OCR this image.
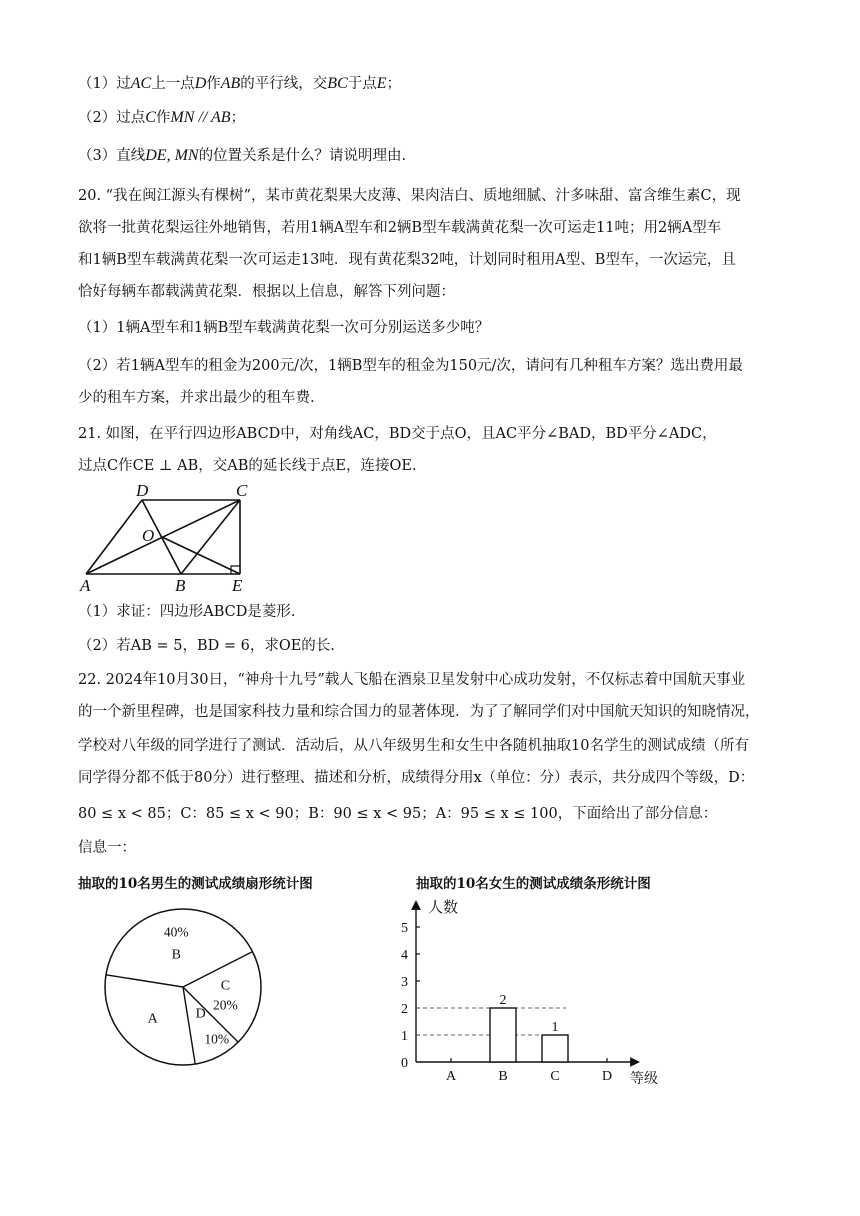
（1）过AC上一点D作AB的平行线，交BC于点E；
（2）过点C作MN // AB；
（3）直线DE, MN的位置关系是什么？请说明理由.
20. “我在闽江源头有棵树”，某市黄花梨果大皮薄、果肉洁白、质地细腻、汁多味甜、富含维生素C，现
欲将一批黄花梨运往外地销售，若用1辆A型车和2辆B型车载满黄花梨一次可运走11吨；用2辆A型车
和1辆B型车载满黄花梨一次可运走13吨．现有黄花梨32吨，计划同时租用A型、B型车，一次运完，且
恰好每辆车都载满黄花梨．根据以上信息，解答下列问题：
（1）1辆A型车和1辆B型车载满黄花梨一次可分别运送多少吨？
（2）若1辆A型车的租金为200元/次，1辆B型车的租金为150元/次，请问有几种租车方案？选出费用最
少的租车方案，并求出最少的租车费.
21. 如图，在平行四边形ABCD中，对角线AC，BD交于点O，且AC平分∠BAD，BD平分∠ADC，
过点C作CE ⊥ AB，交AB的延长线于点E，连接OE.
D	C
O
A	B	E
（1）求证：四边形ABCD是菱形.
（2）若AB = 5，BD = 6，求OE的长.
22. 2024年10月30日，“神舟十九号”载人飞船在酒泉卫星发射中心成功发射，不仅标志着中国航天事业
的一个新里程碑，也是国家科技力量和综合国力的显著体现．为了了解同学们对中国航天知识的知晓情况，
学校对八年级的同学进行了测试．活动后，从八年级男生和女生中各随机抽取10名学生的测试成绩（所有
同学得分都不低于80分）进行整理、描述和分析，成绩得分用x（单位：分）表示，共分成四个等级，D：
80 ≤ x < 85；C：85 ≤ x < 90；B：90 ≤ x < 95；A：95 ≤ x ≤ 100，下面给出了部分信息：
信息一：
抽取的10名男生的测试成绩扇形统计图	抽取的10名女生的测试成绩条形统计图
B
40%
C
20%
D
10%
A
人数
等级
0
1
2
3
4
5
A	B
2
C
1
D
